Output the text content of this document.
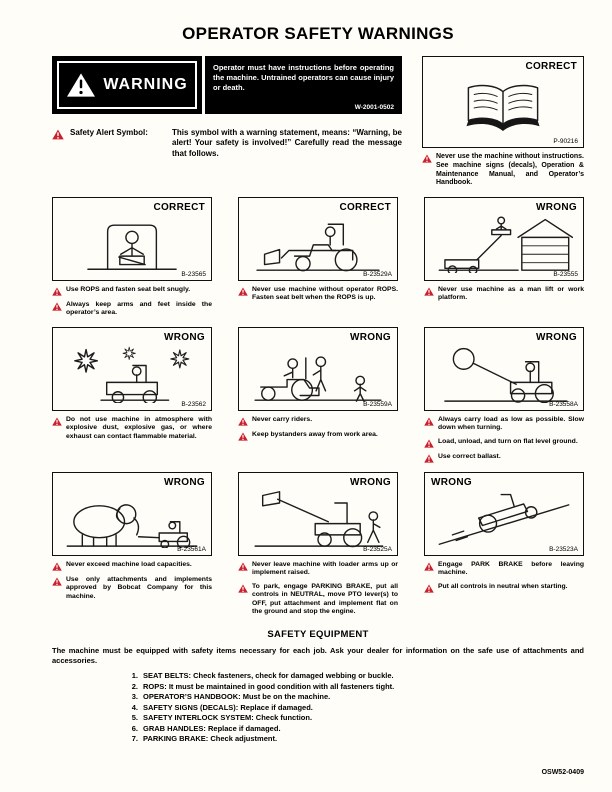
OPERATOR SAFETY WARNINGS
WARNING

Operator must have instructions before operating the machine. Untrained operators can cause injury or death.

W-2001-0502
Safety Alert Symbol:	This symbol with a warning statement, means: “Warning, be alert! Your safety is involved!” Carefully read the message that follows.

CORRECT
P-90216

Never use the machine without instructions. See machine signs (decals), Operation & Maintenance Manual, and Operator’s Handbook.

CORRECT
B-23565

Use ROPS and fasten seat belt snugly.

Always keep arms and feet inside the operator’s area.

CORRECT
B-23529A

Never use machine without operator ROPS. Fasten seat belt when the ROPS is up.

WRONG
B-23555

Never use machine as a man lift or work platform.

WRONG
B-23562

Do not use machine in atmosphere with explosive dust, explosive gas, or where exhaust can contact flammable material.

WRONG
B-23559A

Never carry riders.

Keep bystanders away from work area.

WRONG
B-23558A

Always carry load as low as possible. Slow down when turning.

Load, unload, and turn on flat level ground.

Use correct ballast.

WRONG
B-23561A

Never exceed machine load capacities.

Use only attachments and implements approved by Bobcat Company for this machine.

WRONG
B-23525A

Never leave machine with loader arms up or implement raised.

To park, engage PARKING BRAKE, put all controls in NEUTRAL, move PTO lever(s) to OFF, put attachment and implement flat on the ground and stop the engine.

WRONG
B-23523A

Engage PARK BRAKE before leaving machine.

Put all controls in neutral when starting.

SAFETY EQUIPMENT

The machine must be equipped with safety items necessary for each job. Ask your dealer for information on the safe use of attachments and accessories.

1. SEAT BELTS: Check fasteners, check for damaged webbing or buckle.
2. ROPS: It must be maintained in good condition with all fasteners tight.
3. OPERATOR’S HANDBOOK: Must be on the machine.
4. SAFETY SIGNS (DECALS): Replace if damaged.
5. SAFETY INTERLOCK SYSTEM: Check function.
6. GRAB HANDLES: Replace if damaged.
7. PARKING BRAKE: Check adjustment.
OSW52-0409
